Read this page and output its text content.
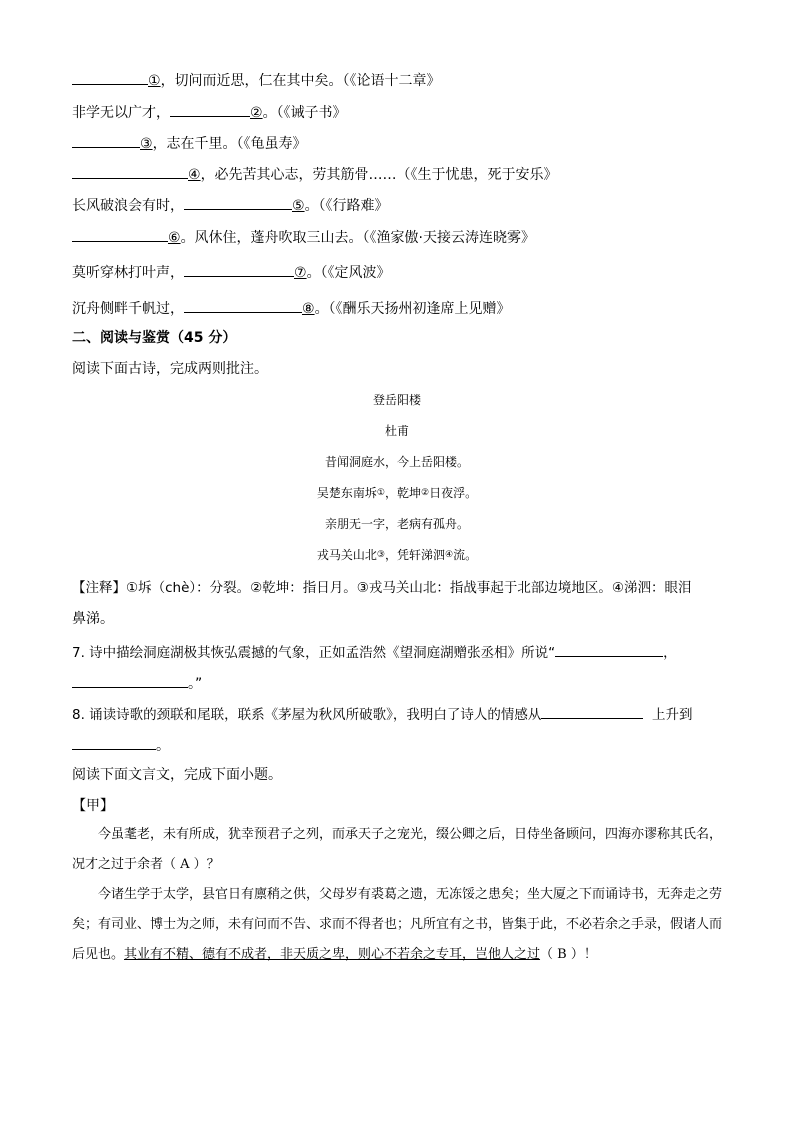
①，切问而近思，仁在其中矣。（《论语十二章》
非学无以广才，	②。（《诫子书》
③，志在千里。（《龟虽寿》
④，必先苦其心志，劳其筋骨……（《生于忧患，死于安乐》
长风破浪会有时，	⑤。（《行路难》
⑥。风休住，蓬舟吹取三山去。（《渔家傲·天接云涛连晓雾》
莫听穿林打叶声，	⑦。（《定风波》
沉舟侧畔千帆过，	⑧。（《酬乐天扬州初逢席上见赠》
二、阅读与鉴赏（45 分）
阅读下面古诗，完成两则批注。
登岳阳楼
杜甫
昔闻洞庭水，今上岳阳楼。
吴楚东南坼①，乾坤②日夜浮。
亲朋无一字，老病有孤舟。
戎马关山北③，凭轩涕泗④流。
【注释】①坼（chè）：分裂。②乾坤：指日月。③戎马关山北：指战事起于北部边境地区。④涕泗：眼泪
鼻涕。
7. 诗中描绘洞庭湖极其恢弘震撼的气象，正如孟浩然《望洞庭湖赠张丞相》所说“	，
。”
8. 诵读诗歌的颈联和尾联，联系《茅屋为秋风所破歌》，我明白了诗人的情感从	上升到
。
阅读下面文言文，完成下面小题。
【甲】

今虽耄老，未有所成，犹幸预君子之列，而承天子之宠光，缀公卿之后，日侍坐备顾问，四海亦谬称其氏名，况才之过于余者（ A ）？

今诸生学于太学，县官日有廪稍之供，父母岁有裘葛之遗，无冻馁之患矣；坐大厦之下而诵诗书，无奔走之劳矣；有司业、博士为之师，未有问而不告、求而不得者也；凡所宜有之书，皆集于此，不必若余之手录，假诸人而后见也。其业有不精、德有不成者，非天质之卑，则心不若余之专耳，岂他人之过（ B ）！
